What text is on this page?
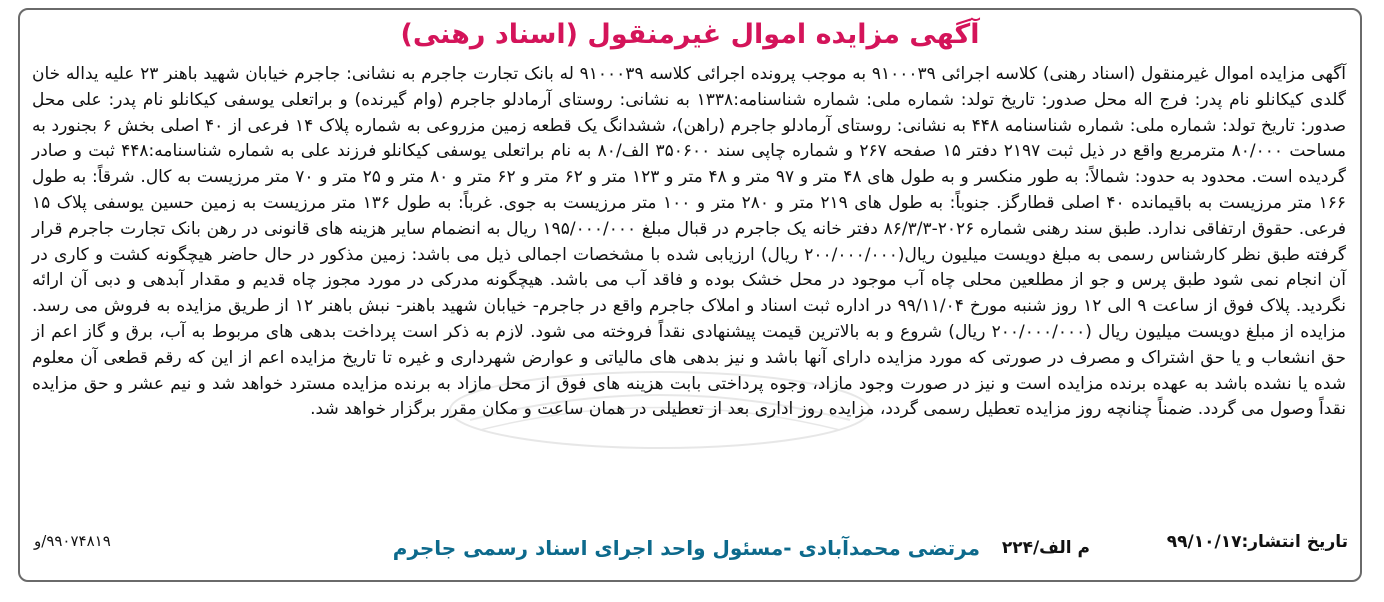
آگهی مزایده اموال غیرمنقول (اسناد رهنی)

آگهی مزایده اموال غیرمنقول (اسناد رهنی) کلاسه اجرائی ۹۱۰۰۰۳۹ به موجب پرونده اجرائی کلاسه ۹۱۰۰۰۳۹ له بانک تجارت جاجرم به نشانی: جاجرم خیابان شهید باهنر ۲۳ علیه یداله خان گلدی کیکانلو نام پدر: فرج اله محل صدور: تاریخ تولد: شماره ملی: شماره شناسنامه:۱۳۳۸ به نشانی: روستای آرمادلو جاجرم (وام گیرنده) و براتعلی یوسفی کیکانلو نام پدر: علی محل صدور: تاریخ تولد: شماره ملی: شماره شناسنامه ۴۴۸ به نشانی: روستای آرمادلو جاجرم (راهن)، ششدانگ یک قطعه زمین مزروعی به شماره پلاک ۱۴ فرعی از ۴۰ اصلی بخش ۶ بجنورد به مساحت ۸۰/۰۰۰ مترمربع واقع در ذیل ثبت ۲۱۹۷ دفتر ۱۵ صفحه ۲۶۷ و شماره چاپی سند ۳۵۰۶۰۰ الف/۸۰ به نام براتعلی یوسفی کیکانلو فرزند علی به شماره شناسنامه:۴۴۸ ثبت و صادر گردیده است. محدود به حدود: شمالاً: به طور منکسر و به طول های ۴۸ متر و ۹۷ متر و ۴۸ متر و ۱۲۳ متر و ۶۲ متر و ۶۲ متر و ۸۰ متر و ۲۵ متر و ۷۰ متر مرزیست به کال. شرقاً: به طول ۱۶۶ متر مرزیست به باقیمانده ۴۰ اصلی قطارگز. جنوباً: به طول های ۲۱۹ متر و ۲۸۰ متر و ۱۰۰ متر مرزیست به جوی. غرباً: به طول ۱۳۶ متر مرزیست به زمین حسین یوسفی پلاک ۱۵ فرعی. حقوق ارتفاقی ندارد. طبق سند رهنی شماره ۲۰۲۶-۸۶/۳/۳ دفتر خانه یک جاجرم در قبال مبلغ ۱۹۵/۰۰۰/۰۰۰ ریال به انضمام سایر هزینه های قانونی در رهن بانک تجارت جاجرم قرار گرفته طبق نظر کارشناس رسمی به مبلغ دویست میلیون ریال(۲۰۰/۰۰۰/۰۰۰ ریال) ارزیابی شده با مشخصات اجمالی ذیل می باشد: زمین مذکور در حال حاضر هیچگونه کشت و کاری در آن انجام نمی شود طبق پرس و جو از مطلعین محلی چاه آب موجود در محل خشک بوده و فاقد آب می باشد. هیچگونه مدرکی در مورد مجوز چاه قدیم و مقدار آبدهی و دبی آن ارائه نگردید. پلاک فوق از ساعت ۹ الی ۱۲ روز شنبه مورخ ۹۹/۱۱/۰۴ در اداره ثبت اسناد و املاک جاجرم واقع در جاجرم- خیابان شهید باهنر- نبش باهنر ۱۲ از طریق مزایده به فروش می رسد. مزایده از مبلغ دویست میلیون ریال (۲۰۰/۰۰۰/۰۰۰ ریال) شروع و به بالاترین قیمت پیشنهادی نقداً فروخته می شود. لازم به ذکر است پرداخت بدهی های مربوط به آب، برق و گاز اعم از حق انشعاب و یا حق اشتراک و مصرف در صورتی که مورد مزایده دارای آنها باشد و نیز بدهی های مالیاتی و عوارض شهرداری و غیره تا تاریخ مزایده اعم از این که رقم قطعی آن معلوم شده یا نشده باشد به عهده برنده مزایده است و نیز در صورت وجود مازاد، وجوه پرداختی بابت هزینه های فوق از محل مازاد به برنده مزایده مسترد خواهد شد و نیم عشر و حق مزایده نقداً وصول می گردد. ضمناً چنانچه روز مزایده تعطیل رسمی گردد، مزایده روز اداری بعد از تعطیلی در همان ساعت و مکان مقرر برگزار خواهد شد.

تاریخ انتشار:۹۹/۱۰/۱۷
مرتضی محمدآبادی -مسئول واحد اجرای اسناد رسمی جاجرم م الف/۲۲۴
۹۹۰۷۴۸۱۹/و
